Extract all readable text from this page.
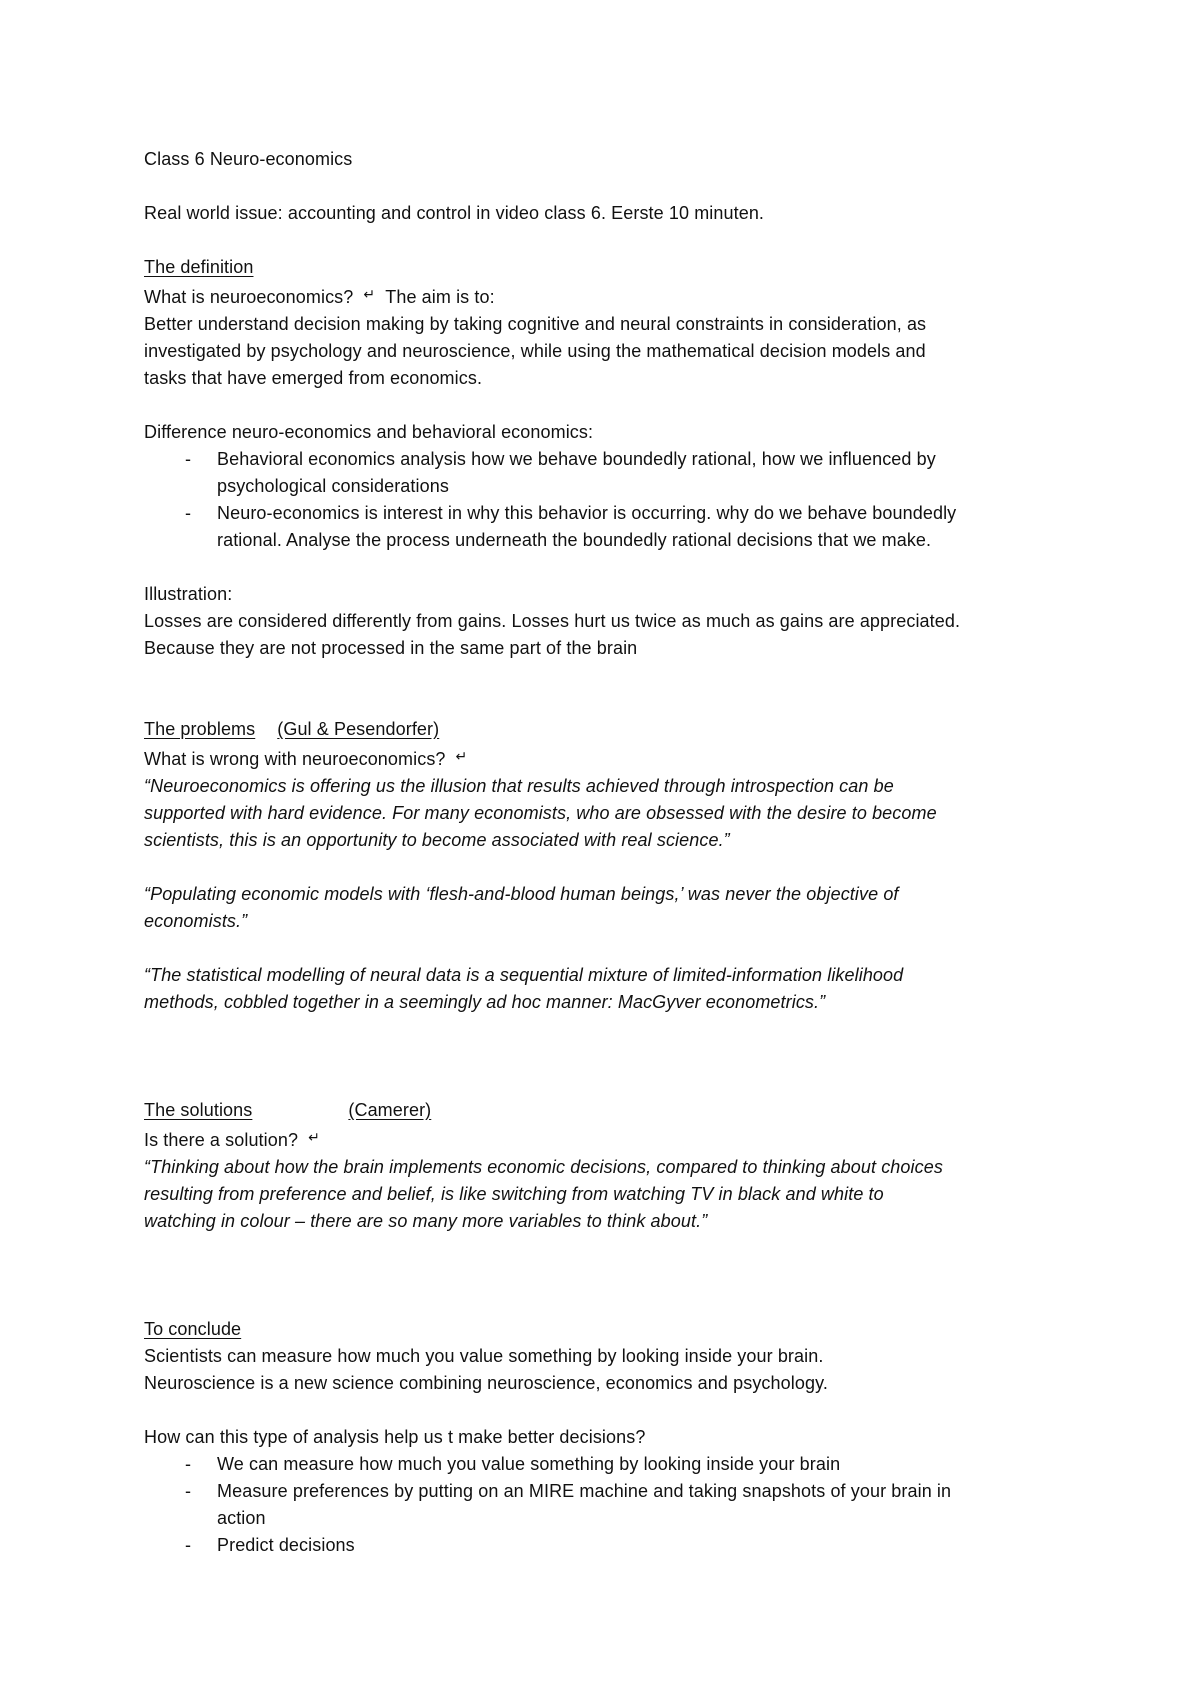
Class 6 Neuro-economics

Real world issue: accounting and control in video class 6. Eerste 10 minuten.

The definition

What is neuroeconomics? ↵ The aim is to:

Better understand decision making by taking cognitive and neural constraints in consideration, as

investigated by psychology and neuroscience, while using the mathematical decision models and

tasks that have emerged from economics.

Difference neuro-economics and behavioral economics:

- Behavioral economics analysis how we behave boundedly rational, how we influenced by
psychological considerations
- Neuro-economics is interest in why this behavior is occurring. why do we behave boundedly
rational. Analyse the process underneath the boundedly rational decisions that we make.

Illustration:

Losses are considered differently from gains. Losses hurt us twice as much as gains are appreciated.

Because they are not processed in the same part of the brain

The problems (Gul & Pesendorfer)

What is wrong with neuroeconomics? ↵

“Neuroeconomics is offering us the illusion that results achieved through introspection can be

supported with hard evidence. For many economists, who are obsessed with the desire to become

scientists, this is an opportunity to become associated with real science.”

“Populating economic models with ‘flesh-and-blood human beings,’ was never the objective of

economists.”

“The statistical modelling of neural data is a sequential mixture of limited-information likelihood

methods, cobbled together in a seemingly ad hoc manner: MacGyver econometrics.”

The solutions	(Camerer)

Is there a solution? ↵

“Thinking about how the brain implements economic decisions, compared to thinking about choices

resulting from preference and belief, is like switching from watching TV in black and white to

watching in colour – there are so many more variables to think about.”

To conclude

Scientists can measure how much you value something by looking inside your brain.

Neuroscience is a new science combining neuroscience, economics and psychology.

How can this type of analysis help us t make better decisions?

- We can measure how much you value something by looking inside your brain
- Measure preferences by putting on an MIRE machine and taking snapshots of your brain in
action
- Predict decisions
